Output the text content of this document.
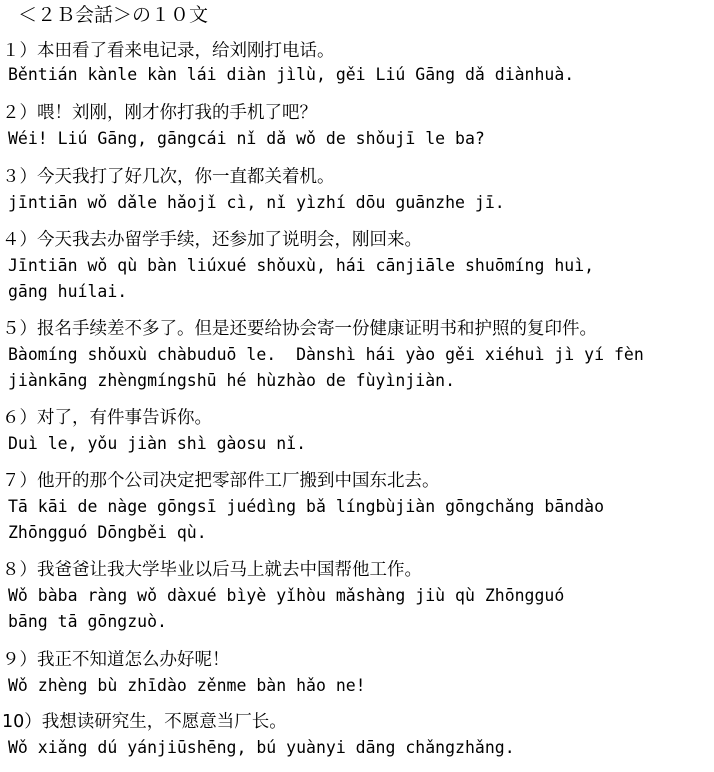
＜２Ｂ会話＞の１０文
１）本田看了看来电记录，给刘刚打电话。
Běntián kànle kàn lái diàn jìlù, gěi Liú Gāng dǎ diànhuà.
２）喂！刘刚，刚才你打我的手机了吧？
Wéi! Liú Gāng, gāngcái nǐ dǎ wǒ de shǒujī le ba?
３）今天我打了好几次，你一直都关着机。
jīntiān wǒ dǎle hǎojǐ cì, nǐ yìzhí dōu guānzhe jī.
４）今天我去办留学手续，还参加了说明会，刚回来。
Jīntiān wǒ qù bàn liúxué shǒuxù, hái cānjiāle shuōmíng huì,
gāng huílai.
５）报名手续差不多了。但是还要给协会寄一份健康证明书和护照的复印件。
Bàomíng shǒuxù chàbuduō le.  Dànshì hái yào gěi xiéhuì jì yí fèn
jiànkāng zhèngmíngshū hé hùzhào de fùyìnjiàn.
６）对了，有件事告诉你。
Duì le, yǒu jiàn shì gàosu nǐ.
７）他开的那个公司决定把零部件工厂搬到中国东北去。
Tā kāi de nàge gōngsī juédìng bǎ língbùjiàn gōngchǎng bāndào
Zhōngguó Dōngběi qù.
８）我爸爸让我大学毕业以后马上就去中国帮他工作。
Wǒ bàba ràng wǒ dàxué bìyè yǐhòu mǎshàng jiù qù Zhōngguó
bāng tā gōngzuò.
９）我正不知道怎么办好呢！
Wǒ zhèng bù zhīdào zěnme bàn hǎo ne!
10）我想读研究生，不愿意当厂长。
Wǒ xiǎng dú yánjiūshēng, bú yuànyi dāng chǎngzhǎng.
